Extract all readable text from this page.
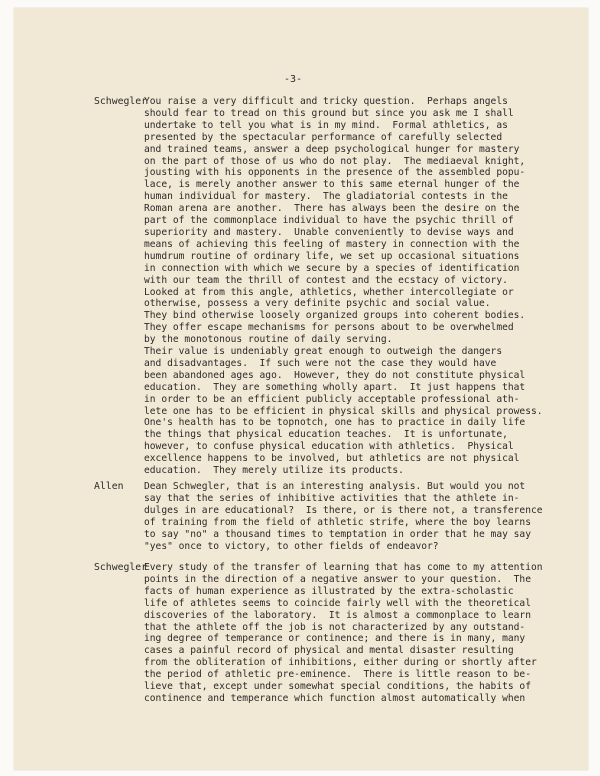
-3-
Schwegler
You raise a very difficult and tricky question.  Perhaps angels
should fear to tread on this ground but since you ask me I shall
undertake to tell you what is in my mind.  Formal athletics, as
presented by the spectacular performance of carefully selected
and trained teams, answer a deep psychological hunger for mastery
on the part of those of us who do not play.  The mediaeval knight,
jousting with his opponents in the presence of the assembled popu-
lace, is merely another answer to this same eternal hunger of the
human individual for mastery.  The gladiatorial contests in the
Roman arena are another.  There has always been the desire on the
part of the commonplace individual to have the psychic thrill of
superiority and mastery.  Unable conveniently to devise ways and
means of achieving this feeling of mastery in connection with the
humdrum routine of ordinary life, we set up occasional situations
in connection with which we secure by a species of identification
with our team the thrill of contest and the ecstacy of victory.
Looked at from this angle, athletics, whether intercollegiate or
otherwise, possess a very definite psychic and social value.
They bind otherwise loosely organized groups into coherent bodies.
They offer escape mechanisms for persons about to be overwhelmed
by the monotonous routine of daily serving.
Their value is undeniably great enough to outweigh the dangers
and disadvantages.  If such were not the case they would have
been abandoned ages ago.  However, they do not constitute physical
education.  They are something wholly apart.  It just happens that
in order to be an efficient publicly acceptable professional ath-
lete one has to be efficient in physical skills and physical prowess.
One's health has to be topnotch, one has to practice in daily life
the things that physical education teaches.  It is unfortunate,
however, to confuse physical education with athletics.  Physical
excellence happens to be involved, but athletics are not physical
education.  They merely utilize its products.
Allen Dean Schwegler, that is an interesting analysis. But would you not
say that the series of inhibitive activities that the athlete in-
dulges in are educational?  Is there, or is there not, a transference
of training from the field of athletic strife, where the boy learns
to say "no" a thousand times to temptation in order that he may say
"yes" once to victory, to other fields of endeavor?
Schwegler
Every study of the transfer of learning that has come to my attention
points in the direction of a negative answer to your question.  The
facts of human experience as illustrated by the extra-scholastic
life of athletes seems to coincide fairly well with the theoretical
discoveries of the laboratory.  It is almost a commonplace to learn
that the athlete off the job is not characterized by any outstand-
ing degree of temperance or continence; and there is in many, many
cases a painful record of physical and mental disaster resulting
from the obliteration of inhibitions, either during or shortly after
the period of athletic pre-eminence.  There is little reason to be-
lieve that, except under somewhat special conditions, the habits of
continence and temperance which function almost automatically when
